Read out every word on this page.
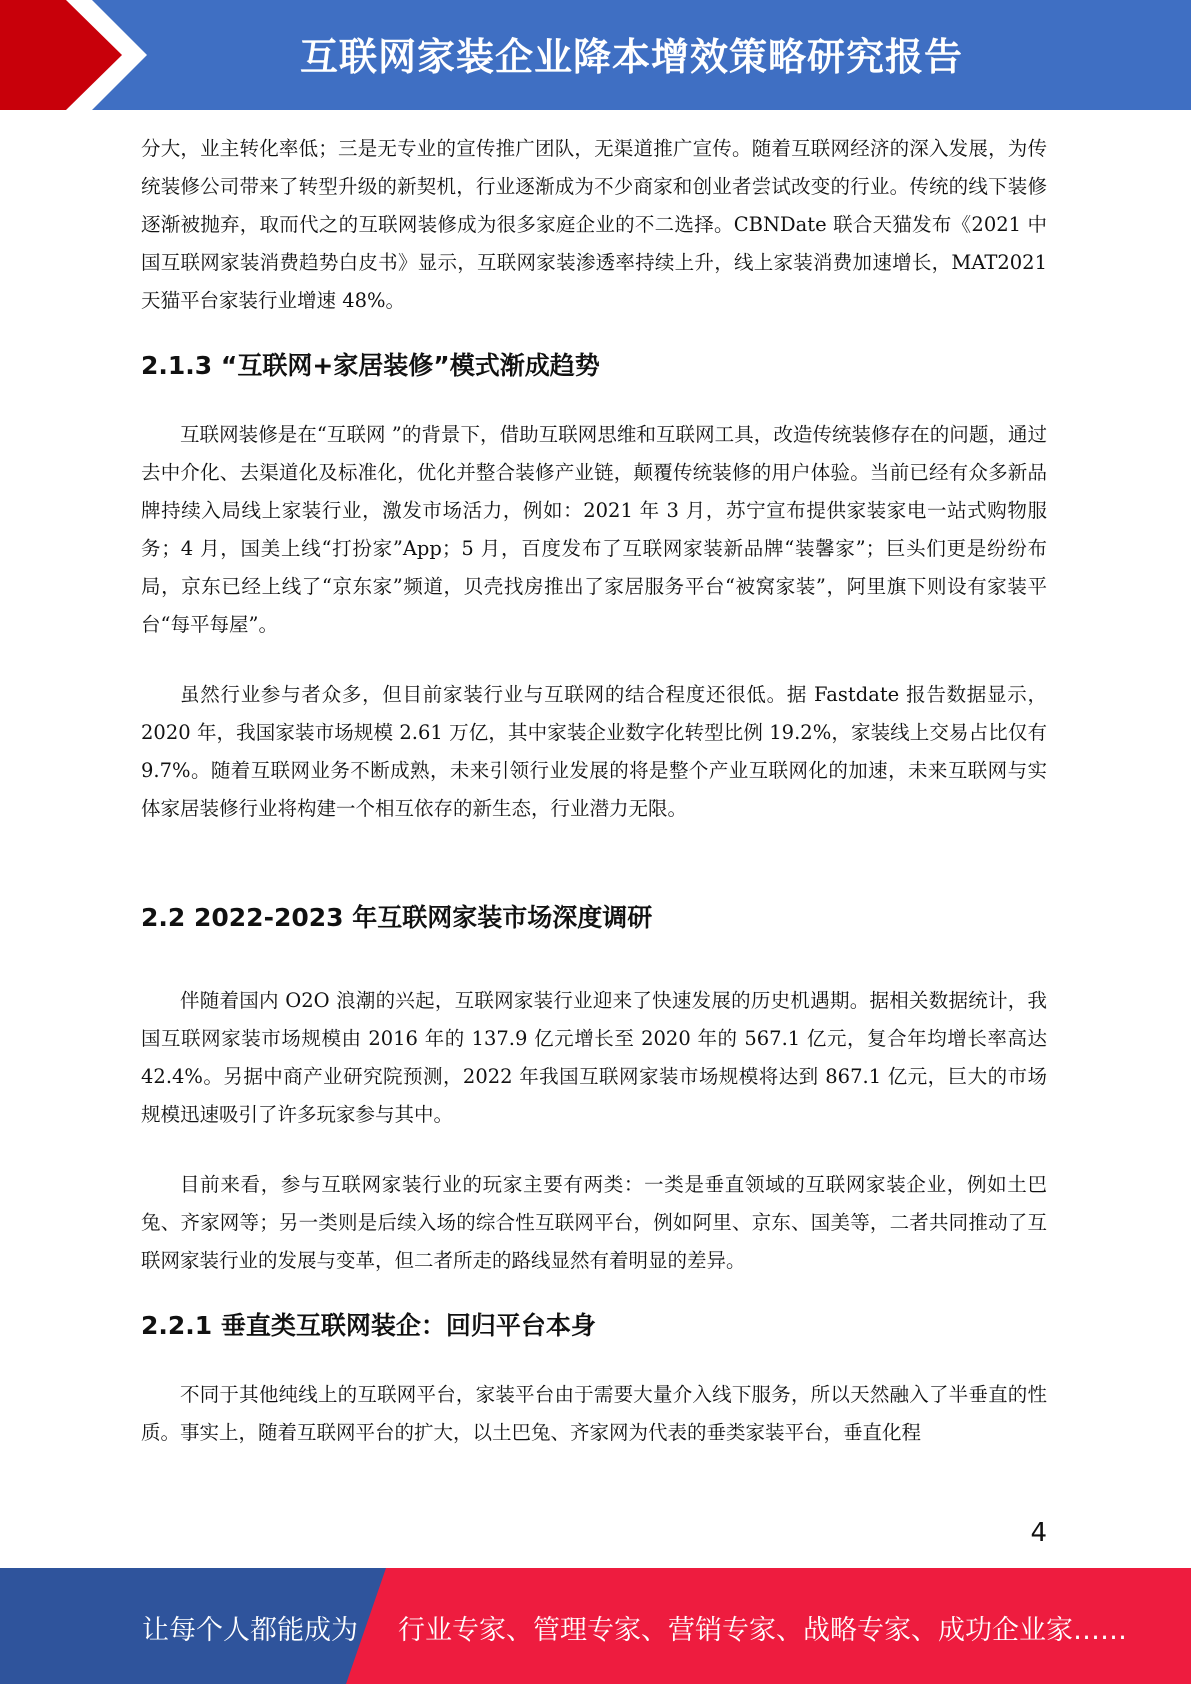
互联网家装企业降本增效策略研究报告

分大，业主转化率低；三是无专业的宣传推广团队，无渠道推广宣传。随着互联网经济的深入发展，为传统装修公司带来了转型升级的新契机，行业逐渐成为不少商家和创业者尝试改变的行业。传统的线下装修逐渐被抛弃，取而代之的互联网装修成为很多家庭企业的不二选择。CBNDate 联合天猫发布《2021 中国互联网家装消费趋势白皮书》显示，互联网家装渗透率持续上升，线上家装消费加速增长，MAT2021 天猫平台家装行业增速 48%。

2.1.3 “互联网+家居装修”模式渐成趋势

互联网装修是在“互联网 ”的背景下，借助互联网思维和互联网工具，改造传统装修存在的问题，通过去中介化、去渠道化及标准化，优化并整合装修产业链，颠覆传统装修的用户体验。当前已经有众多新品牌持续入局线上家装行业，激发市场活力，例如：2021 年 3 月，苏宁宣布提供家装家电一站式购物服务；4 月，国美上线“打扮家”App；5 月，百度发布了互联网家装新品牌“装馨家”；巨头们更是纷纷布局，京东已经上线了“京东家”频道，贝壳找房推出了家居服务平台“被窝家装”，阿里旗下则设有家装平台“每平每屋”。

虽然行业参与者众多，但目前家装行业与互联网的结合程度还很低。据 Fastdate 报告数据显示，2020 年，我国家装市场规模 2.61 万亿，其中家装企业数字化转型比例 19.2%，家装线上交易占比仅有 9.7%。随着互联网业务不断成熟，未来引领行业发展的将是整个产业互联网化的加速，未来互联网与实体家居装修行业将构建一个相互依存的新生态，行业潜力无限。

2.2 2022-2023 年互联网家装市场深度调研

伴随着国内 O2O 浪潮的兴起，互联网家装行业迎来了快速发展的历史机遇期。据相关数据统计，我国互联网家装市场规模由 2016 年的 137.9 亿元增长至 2020 年的 567.1 亿元，复合年均增长率高达 42.4%。另据中商产业研究院预测，2022 年我国互联网家装市场规模将达到 867.1 亿元，巨大的市场规模迅速吸引了许多玩家参与其中。

目前来看，参与互联网家装行业的玩家主要有两类：一类是垂直领域的互联网家装企业，例如土巴兔、齐家网等；另一类则是后续入场的综合性互联网平台，例如阿里、京东、国美等，二者共同推动了互联网家装行业的发展与变革，但二者所走的路线显然有着明显的差异。

2.2.1 垂直类互联网装企：回归平台本身

不同于其他纯线上的互联网平台，家装平台由于需要大量介入线下服务，所以天然融入了半垂直的性质。事实上，随着互联网平台的扩大，以土巴兔、齐家网为代表的垂类家装平台，垂直化程

4
让每个人都能成为 行业专家、管理专家、营销专家、战略专家、成功企业家……
